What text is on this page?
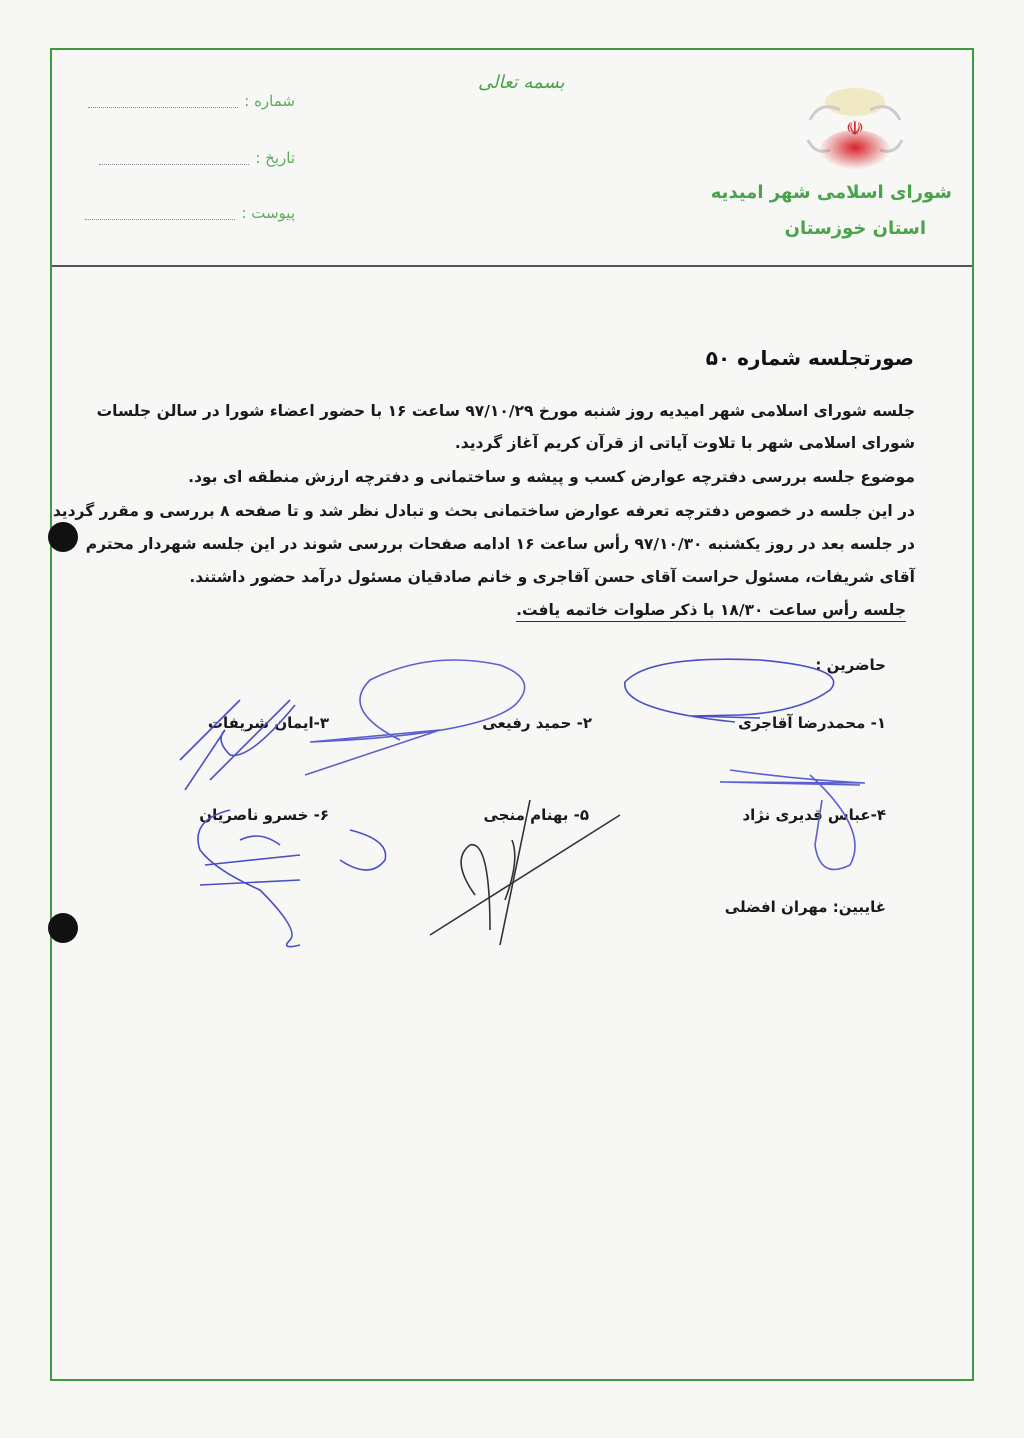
بسمه تعالی
شماره :
تاریخ :
پیوست :
☫
شورای اسلامی شهر امیدیه
استان خوزستان
صورتجلسه شماره ۵۰
جلسه شورای اسلامی شهر امیدیه روز شنبه مورخ ۹۷/۱۰/۲۹ ساعت ۱۶ با حضور اعضاء شورا در سالن جلسات
شورای اسلامی شهر با تلاوت آیاتی از قرآن کریم آغاز گردید.
موضوع جلسه بررسی دفترچه عوارض کسب و پیشه و ساختمانی و دفترچه ارزش منطقه ای بود.
در این جلسه در خصوص دفترچه تعرفه عوارض ساختمانی بحث و تبادل نظر شد و تا صفحه ۸ بررسی و مقرر گردید
در جلسه بعد در روز یکشنبه ۹۷/۱۰/۳۰ رأس ساعت ۱۶ ادامه صفحات بررسی شوند در این جلسه شهردار محترم
آقای شریفات، مسئول حراست آقای حسن آقاجری و خانم صادقیان مسئول درآمد حضور داشتند.
جلسه رأس ساعت ۱۸/۳۰ با ذکر صلوات خاتمه یافت.
حاضرین :
۱- محمدرضا آقاجری
۲- حمید رفیعی
۳-ایمان شریفات
۴-عباس قدیری نژاد
۵- بهنام منجی
۶- خسرو ناصریان
غايبين: مهران افضلی
